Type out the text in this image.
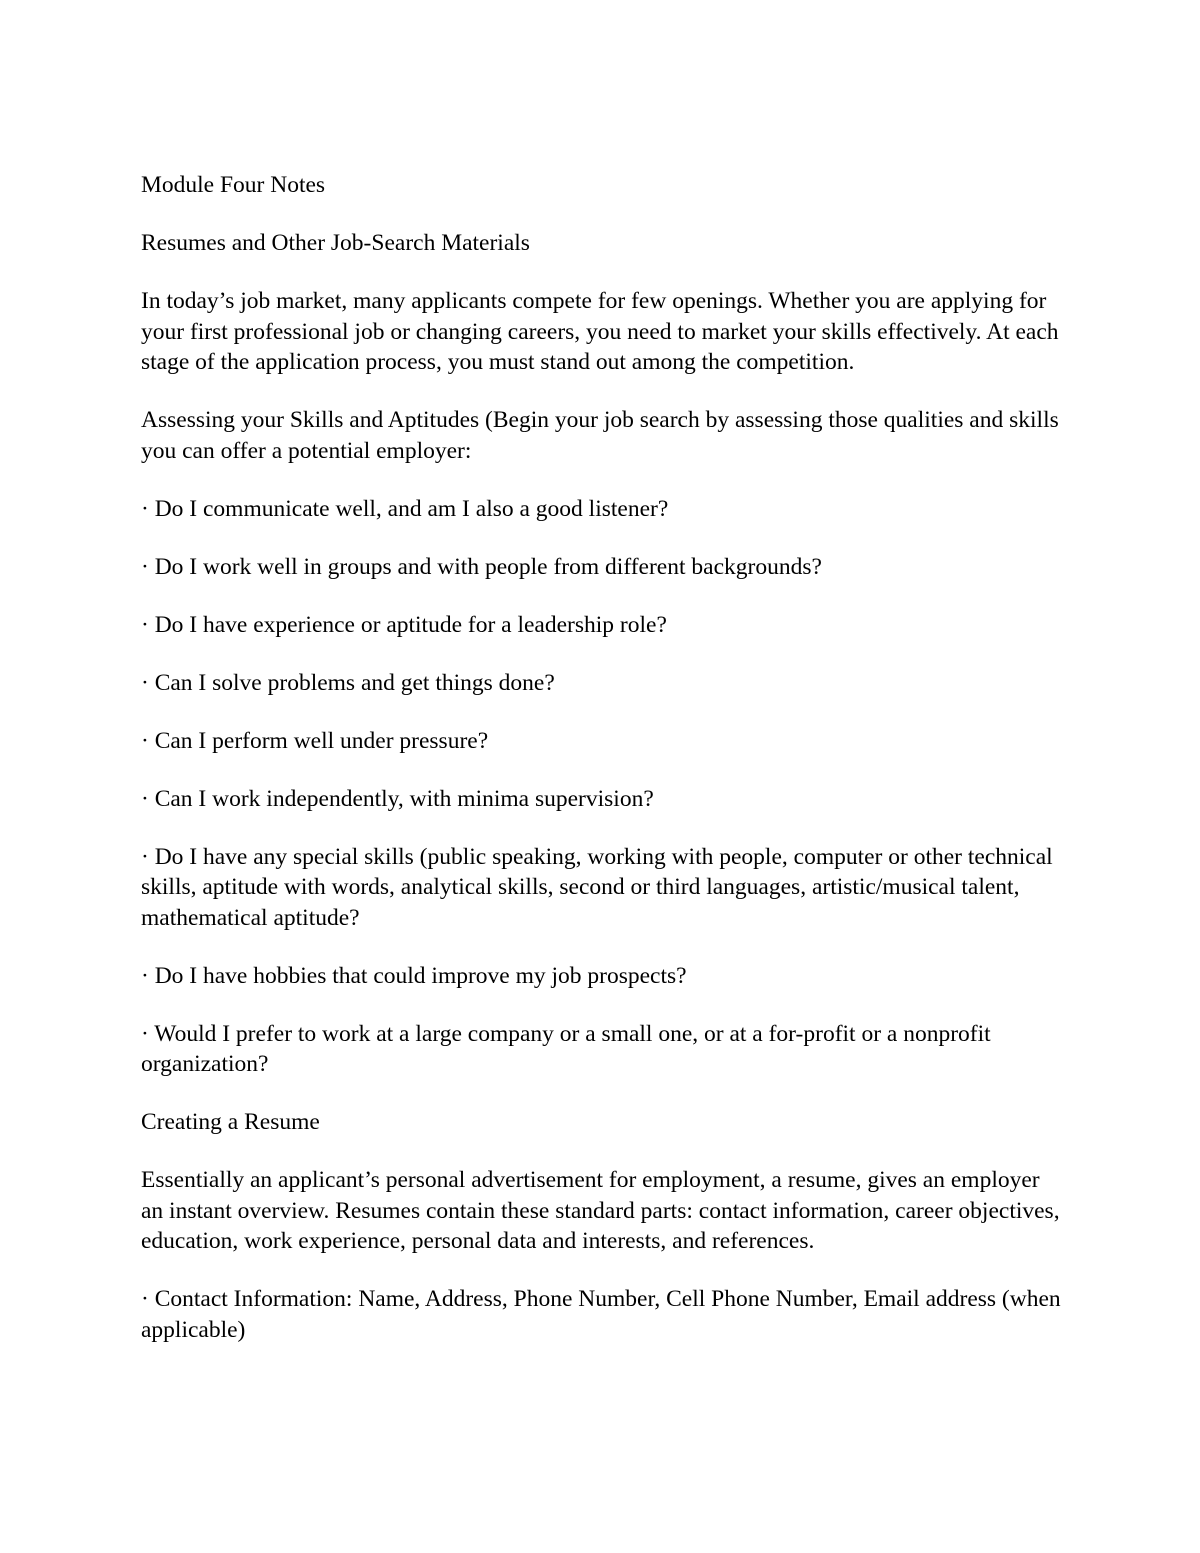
Module Four Notes

Resumes and Other Job-Search Materials

In today’s job market, many applicants compete for few openings. Whether you are applying for your first professional job or changing careers, you need to market your skills effectively. At each stage of the application process, you must stand out among the competition.

Assessing your Skills and Aptitudes (Begin your job search by assessing those qualities and skills you can offer a potential employer:

· Do I communicate well, and am I also a good listener?

· Do I work well in groups and with people from different backgrounds?

· Do I have experience or aptitude for a leadership role?

· Can I solve problems and get things done?

· Can I perform well under pressure?

· Can I work independently, with minima supervision?

· Do I have any special skills (public speaking, working with people, computer or other technical skills, aptitude with words, analytical skills, second or third languages, artistic/musical talent, mathematical aptitude?

· Do I have hobbies that could improve my job prospects?

· Would I prefer to work at a large company or a small one, or at a for-profit or a nonprofit organization?

Creating a Resume

Essentially an applicant’s personal advertisement for employment, a resume, gives an employer an instant overview. Resumes contain these standard parts: contact information, career objectives, education, work experience, personal data and interests, and references.

· Contact Information: Name, Address, Phone Number, Cell Phone Number, Email address (when applicable)
